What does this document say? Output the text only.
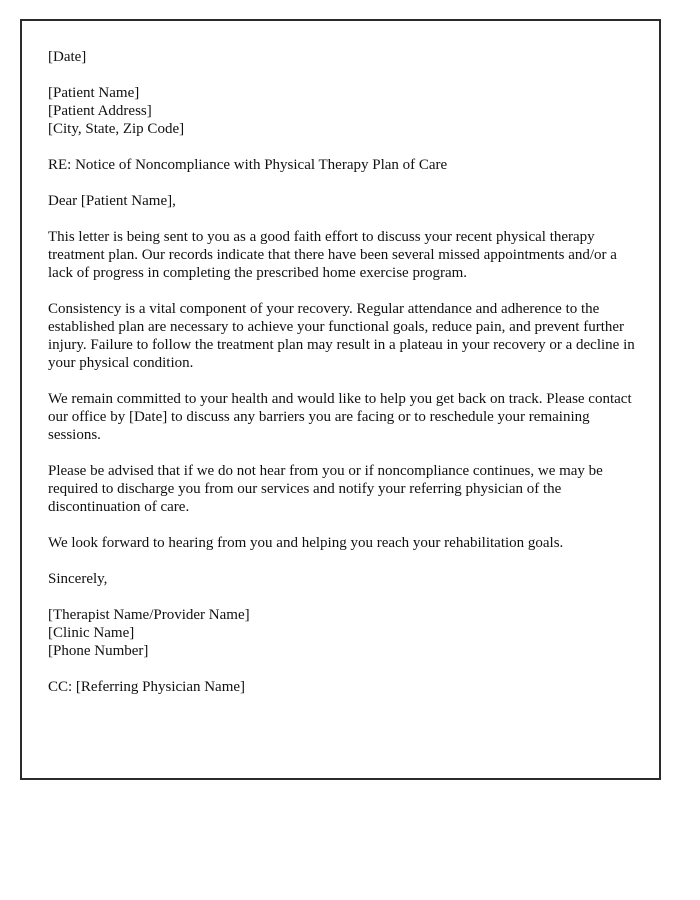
[Date]

[Patient Name]
[Patient Address]
[City, State, Zip Code]

RE: Notice of Noncompliance with Physical Therapy Plan of Care

Dear [Patient Name],

This letter is being sent to you as a good faith effort to discuss your recent physical therapy treatment plan. Our records indicate that there have been several missed appointments and/or a lack of progress in completing the prescribed home exercise program.

Consistency is a vital component of your recovery. Regular attendance and adherence to the established plan are necessary to achieve your functional goals, reduce pain, and prevent further injury. Failure to follow the treatment plan may result in a plateau in your recovery or a decline in your physical condition.

We remain committed to your health and would like to help you get back on track. Please contact our office by [Date] to discuss any barriers you are facing or to reschedule your remaining sessions.

Please be advised that if we do not hear from you or if noncompliance continues, we may be required to discharge you from our services and notify your referring physician of the discontinuation of care.

We look forward to hearing from you and helping you reach your rehabilitation goals.

Sincerely,

[Therapist Name/Provider Name]
[Clinic Name]
[Phone Number]

CC: [Referring Physician Name]
